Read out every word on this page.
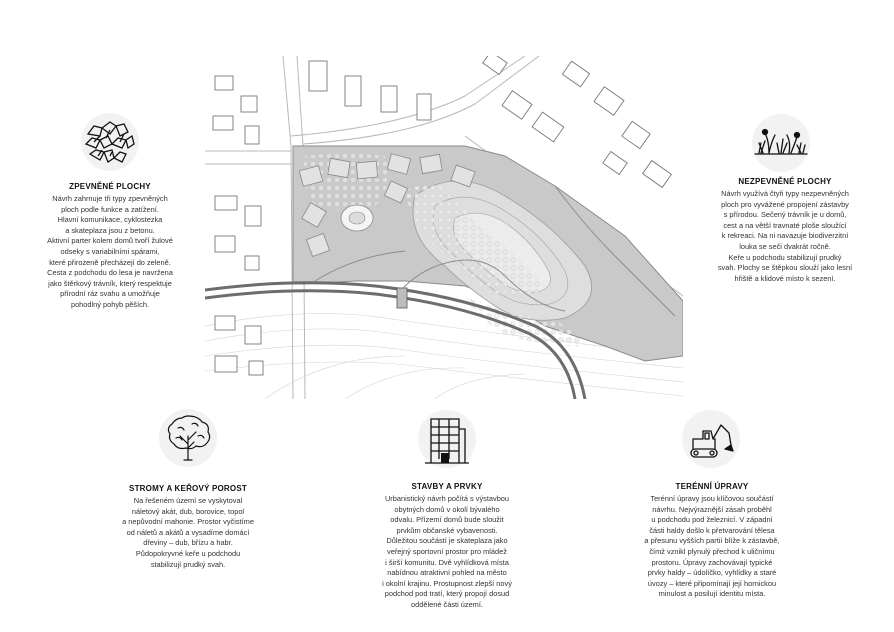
ZPEVNĚNÉ PLOCHY

Návrh zahrnuje tři typy zpevněných
ploch podle funkce a zatížení.
Hlavní komunikace, cyklostezka
a skateplaza jsou z betonu.
Aktivní parter kolem domů tvoří žulové
odseky s variabilními spárami,
které přirozeně přecházejí do zeleně.
Cesta z podchodu do lesa je navržena
jako štěrkový trávník, který respektuje
přírodní ráz svahu a umožňuje
pohodlný pohyb pěších.

NEZPEVNĚNÉ PLOCHY

Návrh využívá čtyři typy nezpevněných
ploch pro vyvážené propojení zástavby
s přírodou. Sečený trávník je u domů,
cest a na větší travnaté ploše sloužící
k rekreaci. Na ni navazuje biodiverzitní
louka se seči dvakrát ročně.
Keře u podchodu stabilizují prudký
svah. Plochy se štěpkou slouží jako lesní
hřiště a klidové místo k sezení.

STROMY A KEŘOVÝ POROST

Na řešeném území se vyskytoval
náletový akát, dub, borovice, topol
a nepůvodní mahonie. Prostor vyčistíme
od náletů a akátů a vysadíme domácí
dřeviny – dub, břízu a habr.
Půdopokryvné keře u podchodu
stabilizují prudký svah.

STAVBY A PRVKY

Urbanistický návrh počítá s výstavbou
obytných domů v okolí bývalého
odvalu. Přízemí domů bude sloužit
prvkům občanské vybavenosti.
Důležitou součástí je skateplaza jako
veřejný sportovní prostor pro mládež
i širší komunitu. Dvě vyhlídková místa
nabídnou atraktivní pohled na město
i okolní krajinu. Prostupnost zlepší nový
podchod pod tratí, který propojí dosud
oddělené části území.

TERÉNNÍ ÚPRAVY

Terénní úpravy jsou klíčovou součástí
návrhu. Nejvýraznější zásah proběhl
u podchodu pod železnicí. V západní
části haldy došlo k přetvarování tělesa
a přesunu vyšších partií blíže k zástavbě,
čímž vznikl plynulý přechod k uličnímu
prostoru. Úpravy zachovávají typické
prvky haldy – údolíčko, vyhlídky a staré
úvozy – které připomínají její hornickou
minulost a posilují identitu místa.
